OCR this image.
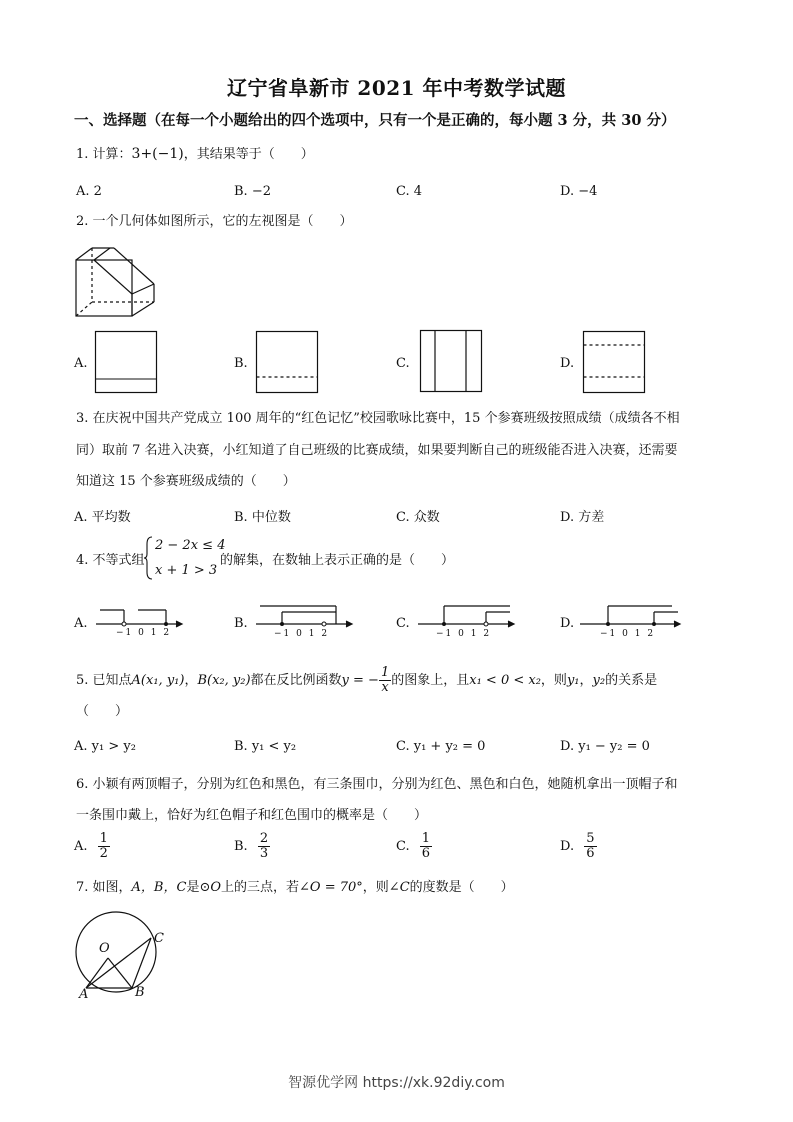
辽宁省阜新市 2021 年中考数学试题
一、选择题（在每一个小题给出的四个选项中，只有一个是正确的，每小题 3 分，共 30 分）
1. 计算：3+(−1)，其结果等于（　　）
A. 2	B. −2	C. 4	D. −4
2. 一个几何体如图所示，它的左视图是（　　）
A.	B.	C.	D.
3. 在庆祝中国共产党成立 100 周年的“红色记忆”校园歌咏比赛中，15 个参赛班级按照成绩（成绩各不相
同）取前 7 名进入决赛，小红知道了自己班级的比赛成绩，如果要判断自己的班级能否进入决赛，还需要
知道这 15 个参赛班级成绩的（　　）
A. 平均数	B. 中位数	C. 众数	D. 方差
4. 不等式组
2 − 2x ≤ 4
x + 1 > 3
的解集，在数轴上表示正确的是（　　）
A.
−1 0 1 2
B.
−1 0 1 2
C.
−1 0 1 2
D.
−1 0 1 2
5. 已知点A(x₁, y₁)，B(x₂, y₂)都在反比例函数y = − $\frac{1}{x}$ 的图象上，且x₁ < 0 < x₂，则y₁，y₂的关系是
（　　）
A. y₁ > y₂	B. y₁ < y₂	C. y₁ + y₂ = 0	D. y₁ − y₂ = 0
6. 小颖有两顶帽子，分别为红色和黑色，有三条围巾，分别为红色、黑色和白色，她随机拿出一顶帽子和
一条围巾戴上，恰好为红色帽子和红色围巾的概率是（　　）
A. $\frac{1}{2}$	B. $\frac{2}{3}$	C. $\frac{1}{6}$	D. $\frac{5}{6}$
7. 如图，A，B，C是⊙O上的三点，若∠O = 70°，则∠C的度数是（　　）
O
C
A	B
智源优学网 https://xk.92diy.com
